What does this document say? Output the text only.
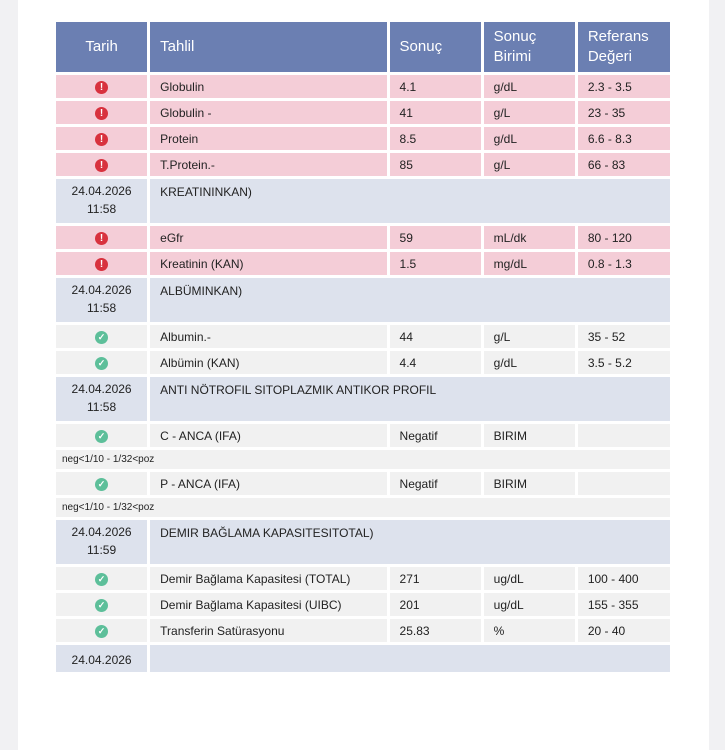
Tarih	Tahlil	Sonuç	Sonuç Birimi	Referans Değeri
!	Globulin	4.1	g/dL	2.3 - 3.5
!	Globulin -	41	g/L	23 - 35
!	Protein	8.5	g/dL	6.6 - 8.3
!	T.Protein.-	85	g/L	66 - 83
24.04.2026
11:58	KREATININKAN)			
!	eGfr	59	mL/dk	80 - 120
!	Kreatinin (KAN)	1.5	mg/dL	0.8 - 1.3
24.04.2026
11:58	ALBÜMINKAN)			
✓	Albumin.-	44	g/L	35 - 52
✓	Albümin (KAN)	4.4	g/dL	3.5 - 5.2
24.04.2026
11:58	ANTI NÖTROFIL SITOPLAZMIK ANTIKOR PROFIL			
✓	C - ANCA (IFA)	Negatif	BIRIM	
neg<1/10 - 1/32<poz				
✓	P - ANCA (IFA)	Negatif	BIRIM	
neg<1/10 - 1/32<poz				
24.04.2026
11:59	DEMIR BAĞLAMA KAPASITESITOTAL)			
✓	Demir Bağlama Kapasitesi (TOTAL)	271	ug/dL	100 - 400
✓	Demir Bağlama Kapasitesi (UIBC)	201	ug/dL	155 - 355
✓	Transferin Satürasyonu	25.83	%	20 - 40
24.04.2026				
